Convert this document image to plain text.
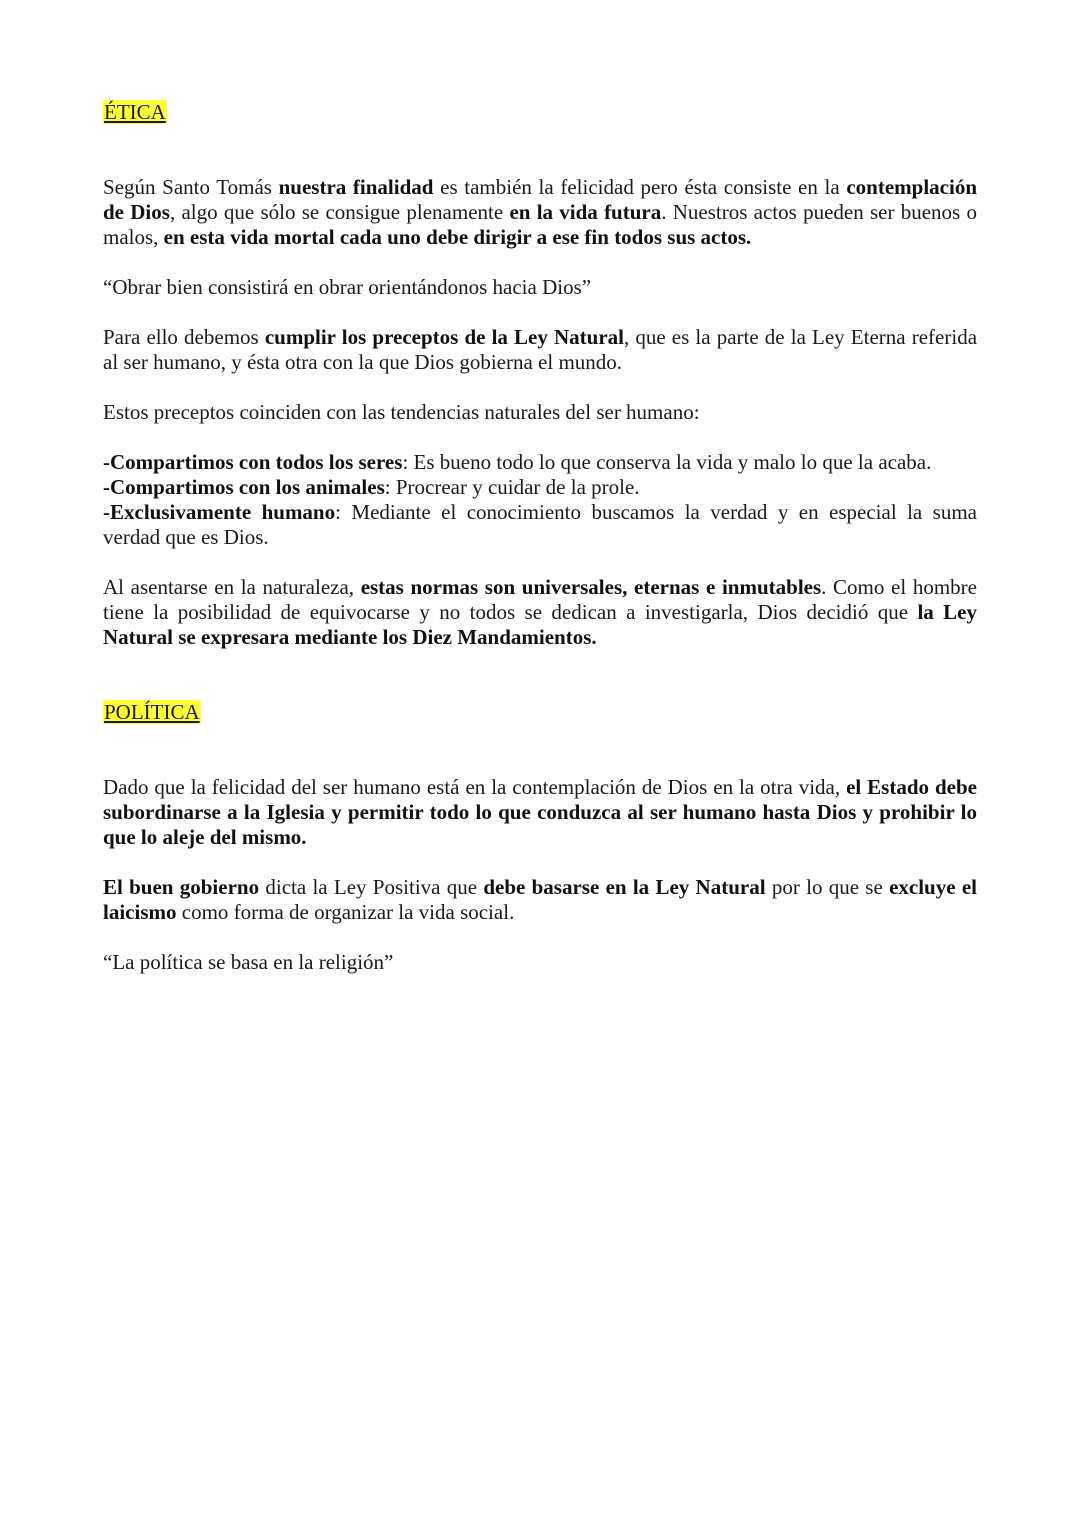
ÉTICA

Según Santo Tomás nuestra finalidad es también la felicidad pero ésta consiste en la contemplación de Dios, algo que sólo se consigue plenamente en la vida futura. Nuestros actos pueden ser buenos o malos, en esta vida mortal cada uno debe dirigir a ese fin todos sus actos.

“Obrar bien consistirá en obrar orientándonos hacia Dios”

Para ello debemos cumplir los preceptos de la Ley Natural, que es la parte de la Ley Eterna referida al ser humano, y ésta otra con la que Dios gobierna el mundo.

Estos preceptos coinciden con las tendencias naturales del ser humano:

-Compartimos con todos los seres: Es bueno todo lo que conserva la vida y malo lo que la acaba.

-Compartimos con los animales: Procrear y cuidar de la prole.

-Exclusivamente humano: Mediante el conocimiento buscamos la verdad y en especial la suma verdad que es Dios.

Al asentarse en la naturaleza, estas normas son universales, eternas e inmutables. Como el hombre tiene la posibilidad de equivocarse y no todos se dedican a investigarla, Dios decidió que la Ley Natural se expresara mediante los Diez Mandamientos.

POLÍTICA

Dado que la felicidad del ser humano está en la contemplación de Dios en la otra vida, el Estado debe subordinarse a la Iglesia y permitir todo lo que conduzca al ser humano hasta Dios y prohibir lo que lo aleje del mismo.

El buen gobierno dicta la Ley Positiva que debe basarse en la Ley Natural por lo que se excluye el laicismo como forma de organizar la vida social.

“La política se basa en la religión”
